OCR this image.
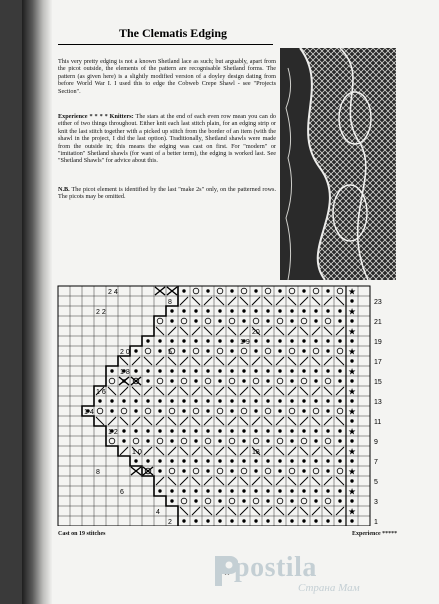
The Clematis Edging

This very pretty edging is not a known Shetland lace as such; but arguably, apart from the picot outside, the elements of the pattern are recognisable Shetland forms. The pattern (as given here) is a slightly modified version of a doyley design dating from before World War I. I used this to edge the Cobweb Crepe Shawl - see "Projects Section".

Experience * * * * Knitters: The stars at the end of each even row mean you can do either of two things throughout. Either knit each last stitch plain, for an edging strip or knit the last stitch together with a picked up stitch from the border of an item (with the shawl in the project, I did the last option). Traditionally, Shetland shawls were made from the outside in; this means the edging was cast on first. For "modern" or "imitation" Shetland shawls (for want of a better term), the edging is worked last. See "Shetland Shawls" for advice about this.

N.B. The picot element is identified by the last "make 2s" only, on the patterned rows. The picots may be omitted.

★
★
★
★
★
★
★
★
★
★
★
★
2 4
8
2 2
20
1 9
2 0	5
1 8
1 6
1 4
1 2
1 0	18
8
6
4
2
23
21
19
17
15
13
11
9
7
5
3
1
Cast on 19 stitches	Experience *****
postila
Страна Мам
